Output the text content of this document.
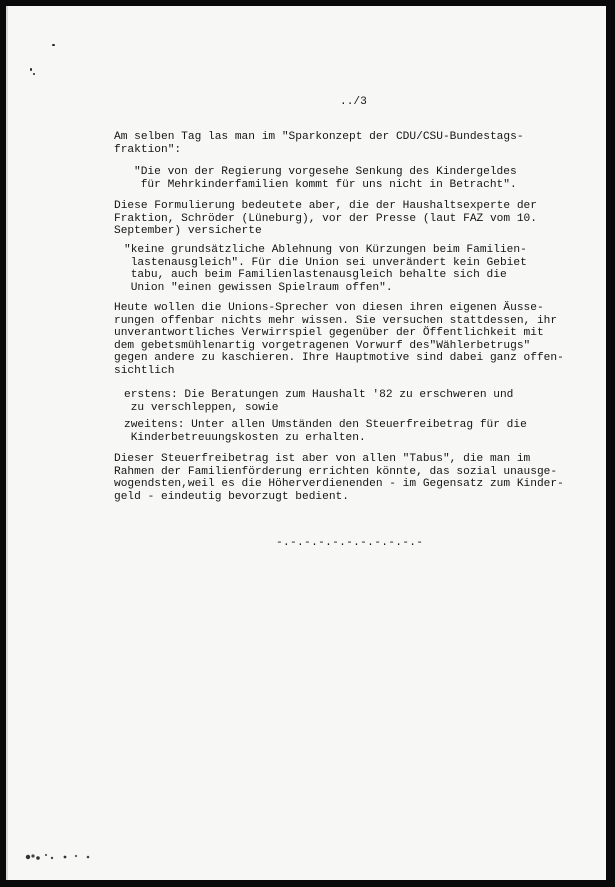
../3
Am selben Tag las man im "Sparkonzept der CDU/CSU-Bundestags-
fraktion":
"Die von der Regierung vorgesehe Senkung des Kindergeldes
für Mehrkinderfamilien kommt für uns nicht in Betracht".
Diese Formulierung bedeutete aber, die der Haushaltsexperte der
Fraktion, Schröder (Lüneburg), vor der Presse (laut FAZ vom 10.
September) versicherte
"keine grundsätzliche Ablehnung von Kürzungen beim Familien-
lastenausgleich". Für die Union sei unverändert kein Gebiet
tabu, auch beim Familienlastenausgleich behalte sich die
Union "einen gewissen Spielraum offen".
Heute wollen die Unions-Sprecher von diesen ihren eigenen Äusse-
rungen offenbar nichts mehr wissen. Sie versuchen stattdessen, ihr
unverantwortliches Verwirrspiel gegenüber der Öffentlichkeit mit
dem gebetsmühlenartig vorgetragenen Vorwurf des"Wählerbetrugs"
gegen andere zu kaschieren. Ihre Hauptmotive sind dabei ganz offen-
sichtlich
erstens: Die Beratungen zum Haushalt '82 zu erschweren und
zu verschleppen, sowie
zweitens: Unter allen Umständen den Steuerfreibetrag für die
Kinderbetreuungskosten zu erhalten.
Dieser Steuerfreibetrag ist aber von allen "Tabus", die man im
Rahmen der Familienförderung errichten könnte, das sozial unausge-
wogendsten,weil es die Höherverdienenden - im Gegensatz zum Kinder-
geld - eindeutig bevorzugt bedient.
-.-.-.-.-.-.-.-.-.-.-
